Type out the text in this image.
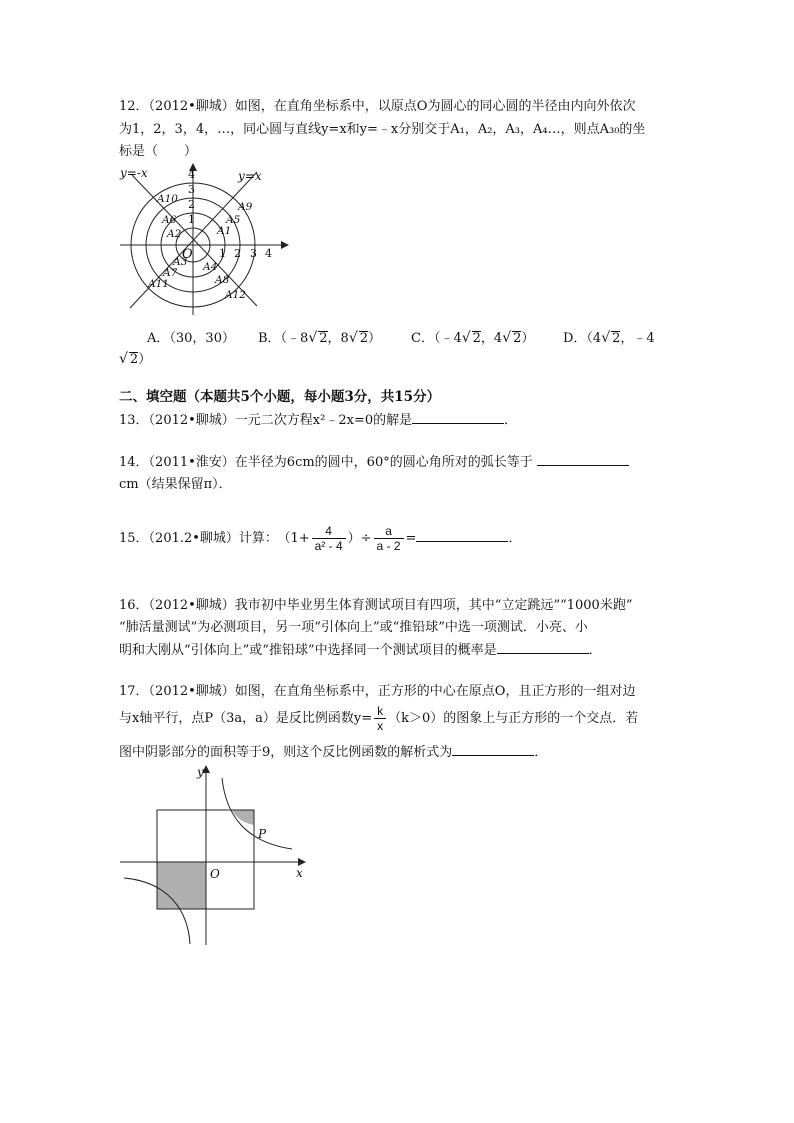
12．（2012•聊城）如图，在直角坐标系中，以原点O为圆心的同心圆的半径由内向外依次
为1，2，3，4，…，同心圆与直线y=x和y=﹣x分别交于A₁，A₂，A₃，A₄…，则点A₃₀的坐
标是（　　）
y=-x	y=x
O
4
3
2
1
1 2 3 4
A10
A6
A2
A9
A5
A1
A3
A7
A11
A4
A8
A12
A．（30，30） B．（﹣8√ 2，8√ 2） C．（﹣4√ 2，4√ 2） D．（4√ 2，﹣4
√ 2）
二、填空题（本题共5个小题，每小题3分，共15分）
13．（2012•聊城）一元二次方程x²﹣2x=0的解是	．
14．（2011•淮安）在半径为6cm的圆中，60°的圆心角所对的弧长等于
cm（结果保留π）．
15．（201.2•聊城）计算： （$1+ \frac{4}{\text{a² - 4}}$ ）÷ $\frac{a}{a - 2}$ =	．
16．（2012•聊城）我市初中毕业男生体育测试项目有四项，其中“立定跳远”“1000米跑”
“肺活量测试”为必测项目，另一项“引体向上”或“推铅球”中选一项测试．小亮、小
明和大刚从“引体向上”或“推铅球”中选择同一个测试项目的概率是	．
17．（2012•聊城）如图，在直角坐标系中，正方形的中心在原点O，且正方形的一组对边
与x轴平行，点P（3a，a）是反比例函数$y= \frac{k}{x} (k>0)$的图象上与正方形的一个交点．若
图中阴影部分的面积等于9，则这个反比例函数的解析式为	．
y
x
O
P
